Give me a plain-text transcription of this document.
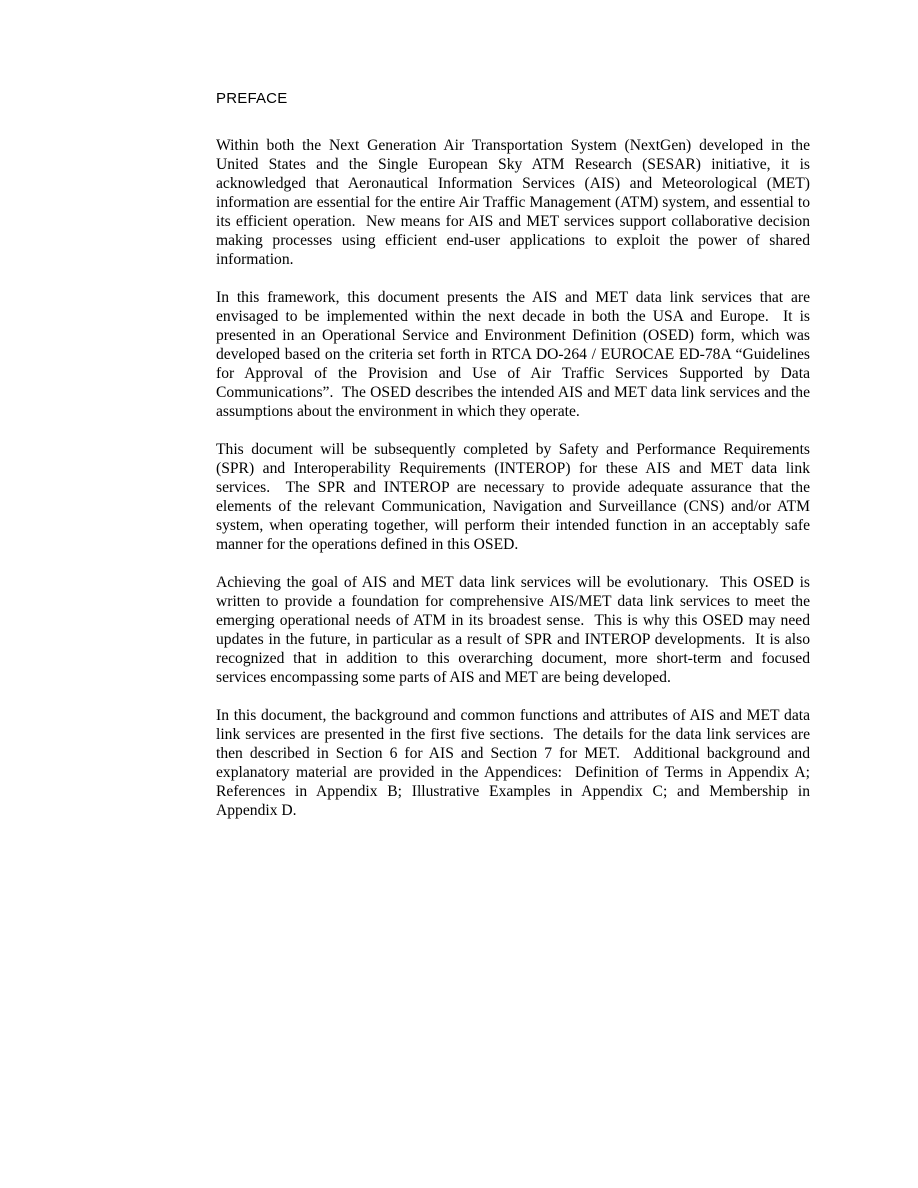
PREFACE

Within both the Next Generation Air Transportation System (NextGen) developed in the United States and the Single European Sky ATM Research (SESAR) initiative, it is acknowledged that Aeronautical Information Services (AIS) and Meteorological (MET) information are essential for the entire Air Traffic Management (ATM) system, and essential to its efficient operation.  New means for AIS and MET services support collaborative decision making processes using efficient end-user applications to exploit the power of shared information.

In this framework, this document presents the AIS and MET data link services that are envisaged to be implemented within the next decade in both the USA and Europe.  It is presented in an Operational Service and Environment Definition (OSED) form, which was developed based on the criteria set forth in RTCA DO-264 / EUROCAE ED-78A “Guidelines for Approval of the Provision and Use of Air Traffic Services Supported by Data Communications”.  The OSED describes the intended AIS and MET data link services and the assumptions about the environment in which they operate.

This document will be subsequently completed by Safety and Performance Requirements (SPR) and Interoperability Requirements (INTEROP) for these AIS and MET data link services.  The SPR and INTEROP are necessary to provide adequate assurance that the elements of the relevant Communication, Navigation and Surveillance (CNS) and/or ATM system, when operating together, will perform their intended function in an acceptably safe manner for the operations defined in this OSED.

Achieving the goal of AIS and MET data link services will be evolutionary.  This OSED is written to provide a foundation for comprehensive AIS/MET data link services to meet the emerging operational needs of ATM in its broadest sense.  This is why this OSED may need updates in the future, in particular as a result of SPR and INTEROP developments.  It is also recognized that in addition to this overarching document, more short-term and focused services encompassing some parts of AIS and MET are being developed.

In this document, the background and common functions and attributes of AIS and MET data link services are presented in the first five sections.  The details for the data link services are then described in Section 6 for AIS and Section 7 for MET.  Additional background and explanatory material are provided in the Appendices:  Definition of Terms in Appendix A; References in Appendix B; Illustrative Examples in Appendix C; and Membership in Appendix D.
